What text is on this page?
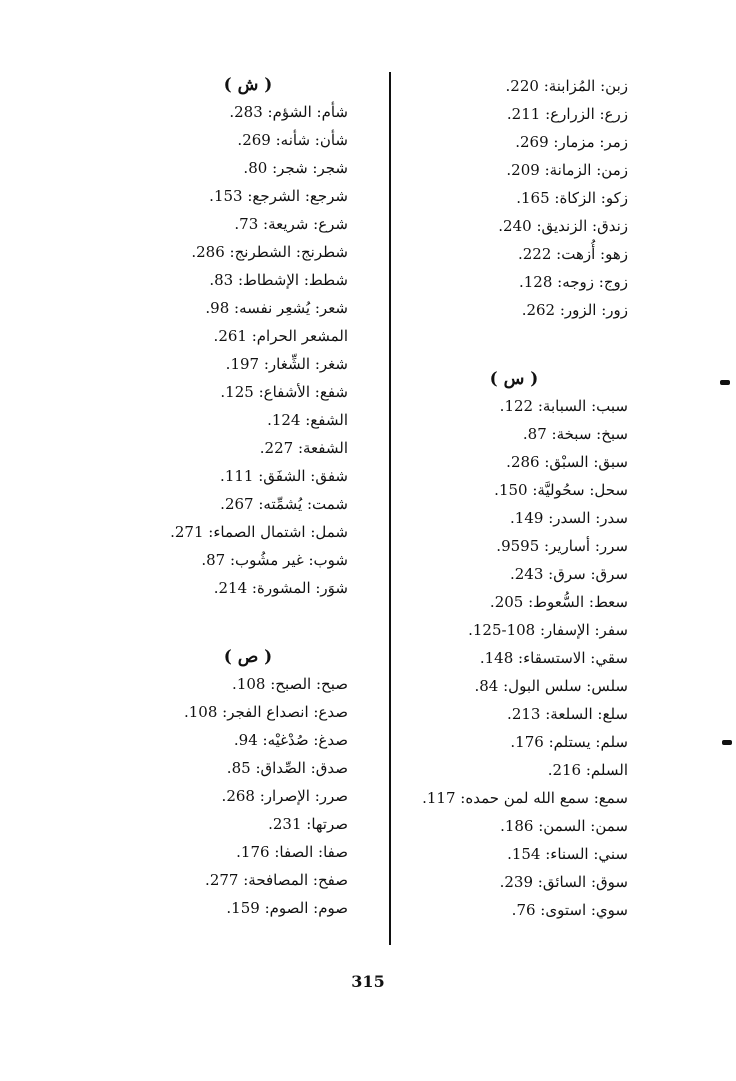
زبن: المُزابنة: 220.
زرع: الزرارع: 211.
زمر: مزمار: 269.
زمن: الزمانة: 209.
زكو: الزكاة: 165.
زندق: الزنديق: 240.
زهو: أُزهت: 222.
زوج: زوجه: 128.
زور: الزور: 262.
( س )
سبب: السبابة: 122.
سبخ: سبخة: 87.
سبق: السبْق: 286.
سحل: سحُوليَّة: 150.
سدر: السدر: 149.
سرر: أسارير: 9595.
سرق: سرق: 243.
سعط: السُّعوط: 205.
سفر: الإسفار: 108-125.
سقي: الاستسقاء: 148.
سلس: سلس البول: 84.
سلع: السلعة: 213.
سلم: يستلم: 176.
السلم: 216.
سمع: سمع الله لمن حمده: 117.
سمن: السمن: 186.
سني: السناء: 154.
سوق: السائق: 239.
سوي: استوى: 76.
( ش )
شأم: الشؤم: 283.
شأن: شأنه: 269.
شجر: شجر: 80.
شرجع: الشرجع: 153.
شرع: شريعة: 73.
شطرنج: الشطرنج: 286.
شطط: الإشطاط: 83.
شعر: يُشعِر نفسه: 98.
المشعر الحرام: 261.
شغر: الشِّغار: 197.
شفع: الأشفاع: 125.
الشفع: 124.
الشفعة: 227.
شفق: الشفَق: 111.
شمت: يُشمِّته: 267.
شمل: اشتمال الصماء: 271.
شوب: غير مشُوب: 87.
شوَر: المشورة: 214.
( ص )
صبح: الصبح: 108.
صدع: انصداع الفجر: 108.
صدغ: صُدْغيْه: 94.
صدق: الصِّداق: 85.
صرر: الإصرار: 268.
صرتها: 231.
صفا: الصفا: 176.
صفح: المصافحة: 277.
صوم: الصوم: 159.
315
